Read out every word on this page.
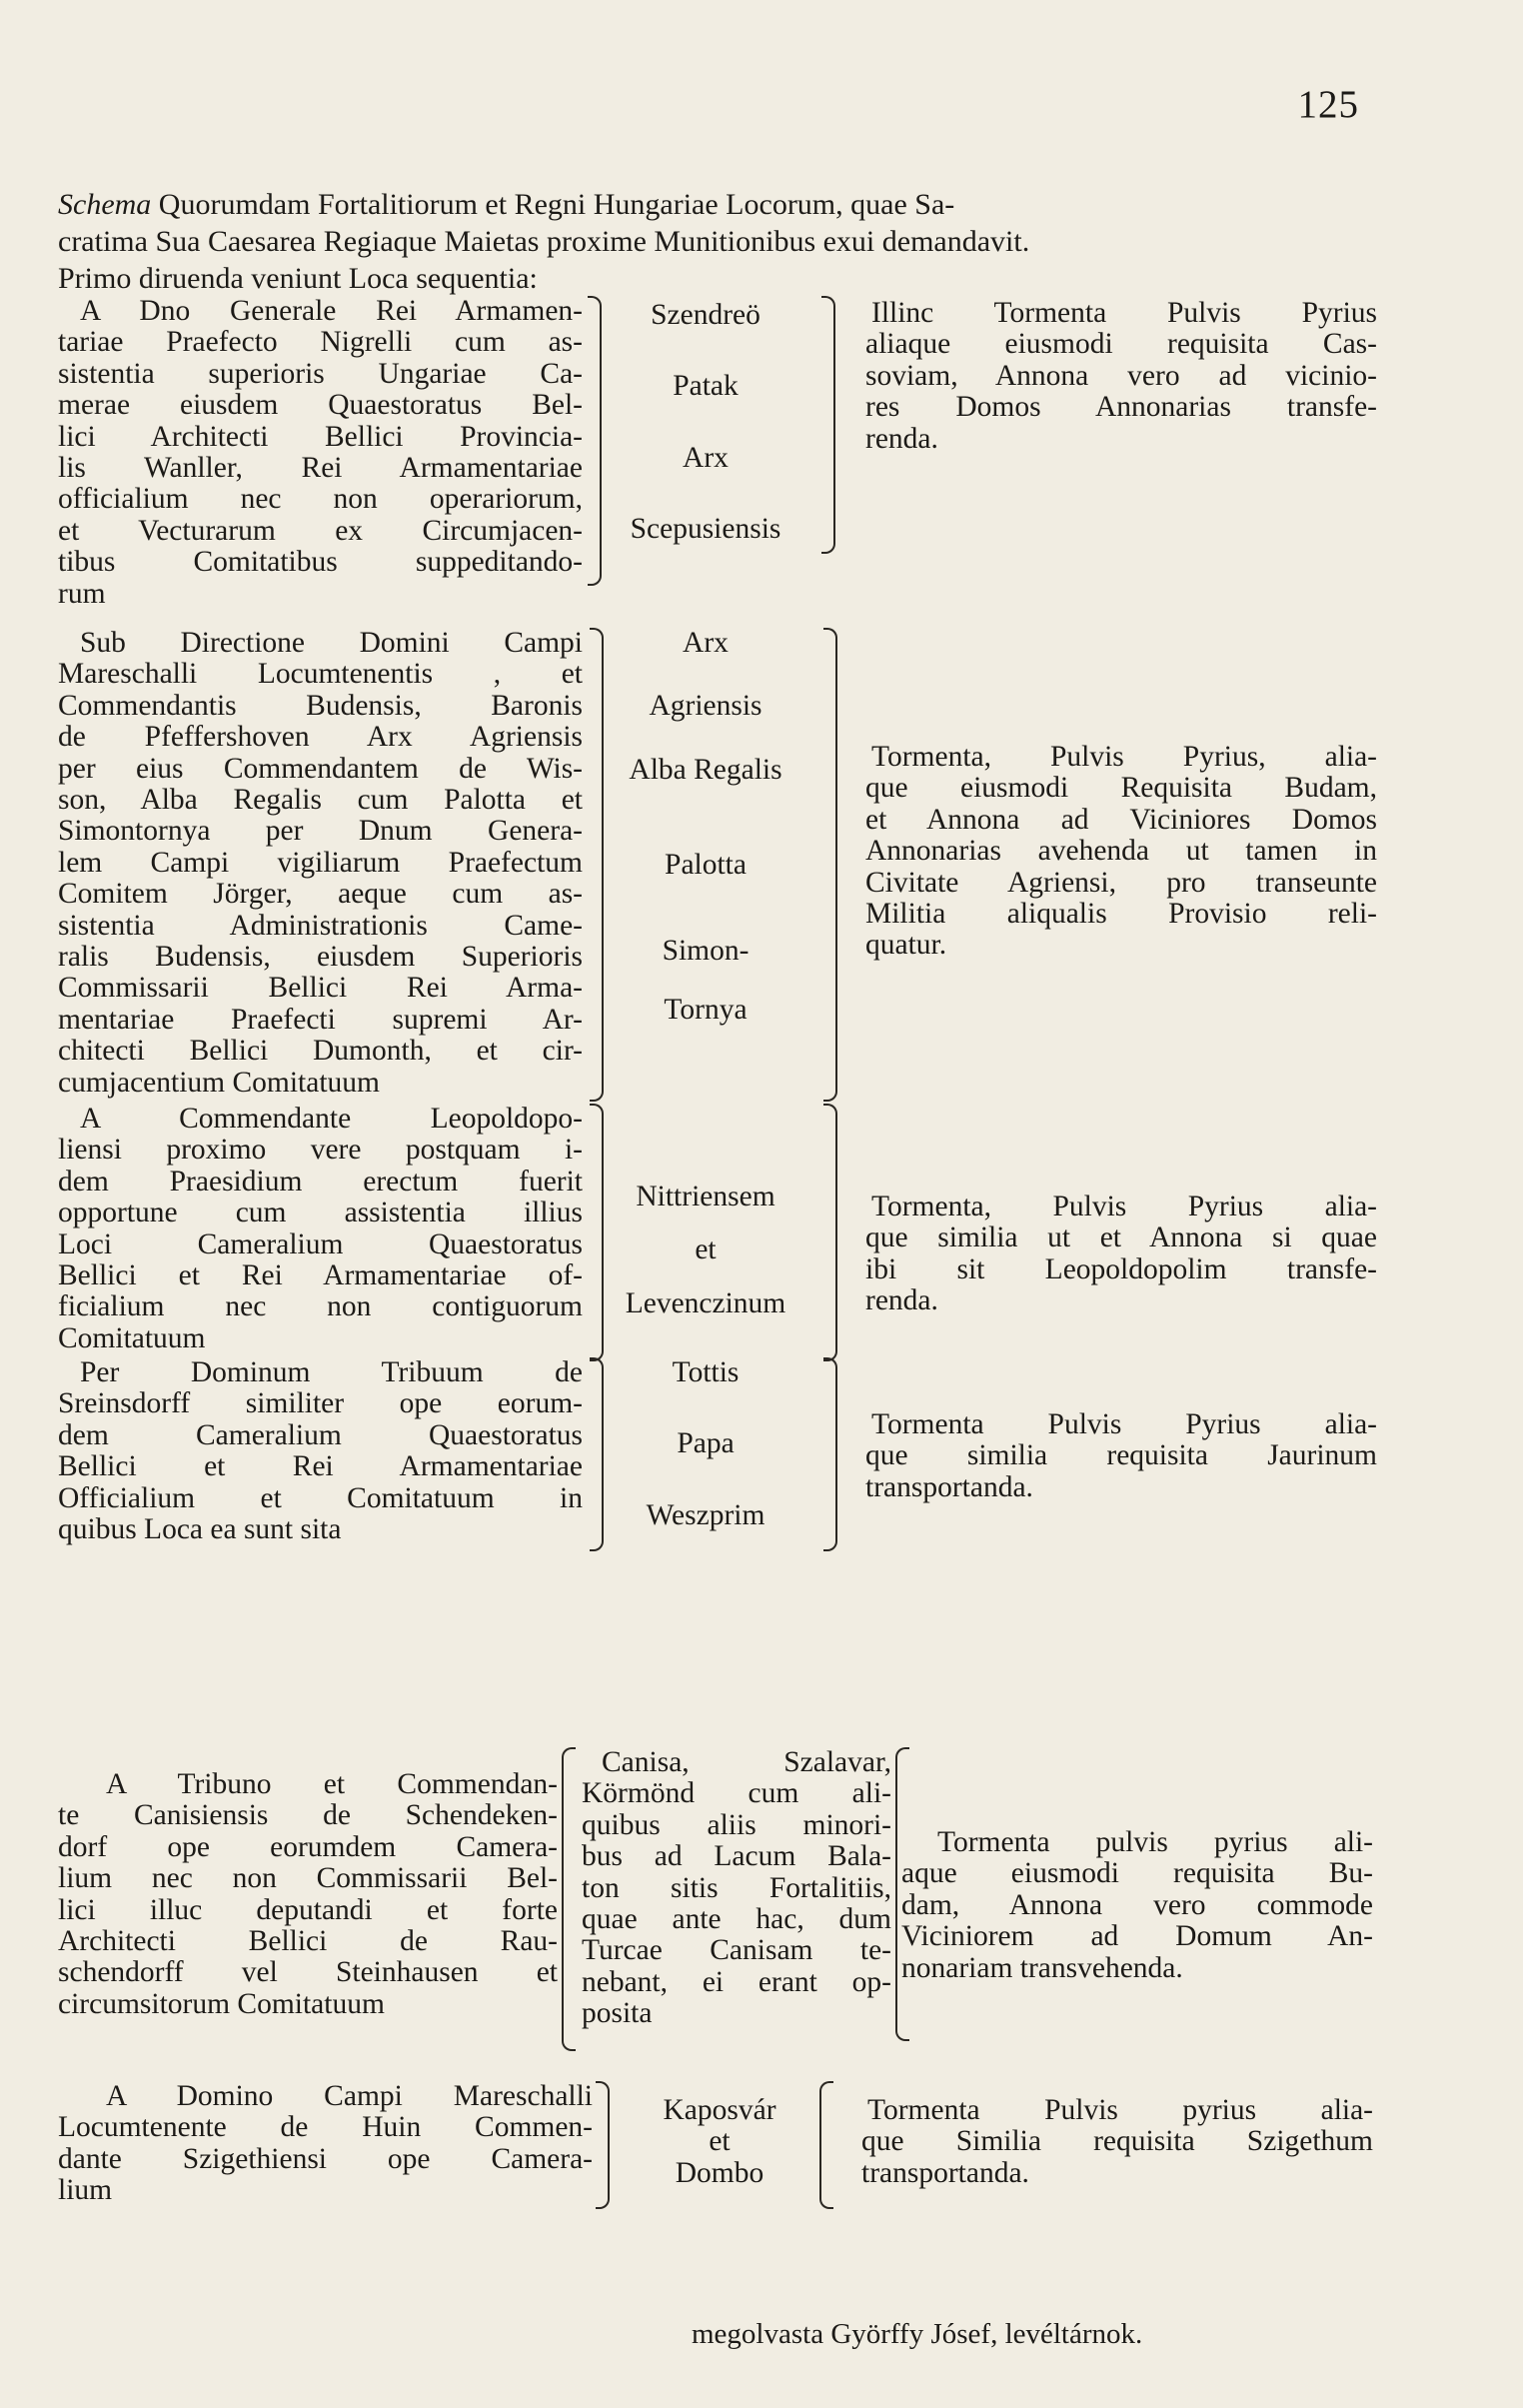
125
Schema Quorumdam Fortalitiorum et Regni Hungariae Locorum, quae Sa-
cratima Sua Caesarea Regiaque Maietas proxime Munitionibus exui demandavit.
Primo diruenda veniunt Loca sequentia:
A Dno Generale Rei Armamen-
tariae Praefecto Nigrelli cum as-
sistentia superioris Ungariae Ca-
merae eiusdem Quaestoratus Bel-
lici Architecti Bellici Provincia-
lis Wanller, Rei Armamentariae
officialium nec non operariorum,
et Vecturarum ex Circumjacen-
tibus Comitatibus suppeditando-
rum
Szendreö
Patak
Arx
Scepusiensis
Illinc Tormenta Pulvis Pyrius
aliaque eiusmodi requisita Cas-
soviam, Annona vero ad vicinio-
res Domos Annonarias transfe-
renda.
Sub Directione Domini Campi
Mareschalli Locumtenentis , et
Commendantis Budensis, Baronis
de Pfeffershoven Arx Agriensis
per eius Commendantem de Wis-
son, Alba Regalis cum Palotta et
Simontornya per Dnum Genera-
lem Campi vigiliarum Praefectum
Comitem Jörger, aeque cum as-
sistentia Administrationis Came-
ralis Budensis, eiusdem Superioris
Commissarii Bellici Rei Arma-
mentariae Praefecti supremi Ar-
chitecti Bellici Dumonth, et cir-
cumjacentium Comitatuum
Arx
Agriensis
Alba Regalis
Palotta
Simon-
Tornya
Tormenta, Pulvis Pyrius, alia-
que eiusmodi Requisita Budam,
et Annona ad Viciniores Domos
Annonarias avehenda ut tamen in
Civitate Agriensi, pro transeunte
Militia aliqualis Provisio reli-
quatur.
A Commendante Leopoldopo-
liensi proximo vere postquam i-
dem Praesidium erectum fuerit
opportune cum assistentia illius
Loci Cameralium Quaestoratus
Bellici et Rei Armamentariae of-
ficialium nec non contiguorum
Comitatuum
Nittriensem
et
Levenczinum
Tormenta, Pulvis Pyrius alia-
que similia ut et Annona si quae
ibi sit Leopoldopolim transfe-
renda.
Per Dominum Tribuum de
Sreinsdorff similiter ope eorum-
dem Cameralium Quaestoratus
Bellici et Rei Armamentariae
Officialium et Comitatuum in
quibus Loca ea sunt sita
Tottis
Papa
Weszprim
Tormenta Pulvis Pyrius alia-
que similia requisita Jaurinum
transportanda.
A Tribuno et Commendan-
te Canisiensis de Schendeken-
dorf ope eorumdem Camera-
lium nec non Commissarii Bel-
lici illuc deputandi et forte
Architecti Bellici de Rau-
schendorff vel Steinhausen et
circumsitorum Comitatuum
Canisa, Szalavar,
Körmönd cum ali-
quibus aliis minori-
bus ad Lacum Bala-
ton sitis Fortalitiis,
quae ante hac, dum
Turcae Canisam te-
nebant, ei erant op-
posita
Tormenta pulvis pyrius ali-
aque eiusmodi requisita Bu-
dam, Annona vero commode
Viciniorem ad Domum An-
nonariam transvehenda.
A Domino Campi Mareschalli
Locumtenente de Huin Commen-
dante Szigethiensi ope Camera-
lium
Kaposvár
et
Dombo
Tormenta Pulvis pyrius alia-
que Similia requisita Szigethum
transportanda.
megolvasta Györffy Jósef, levéltárnok.
